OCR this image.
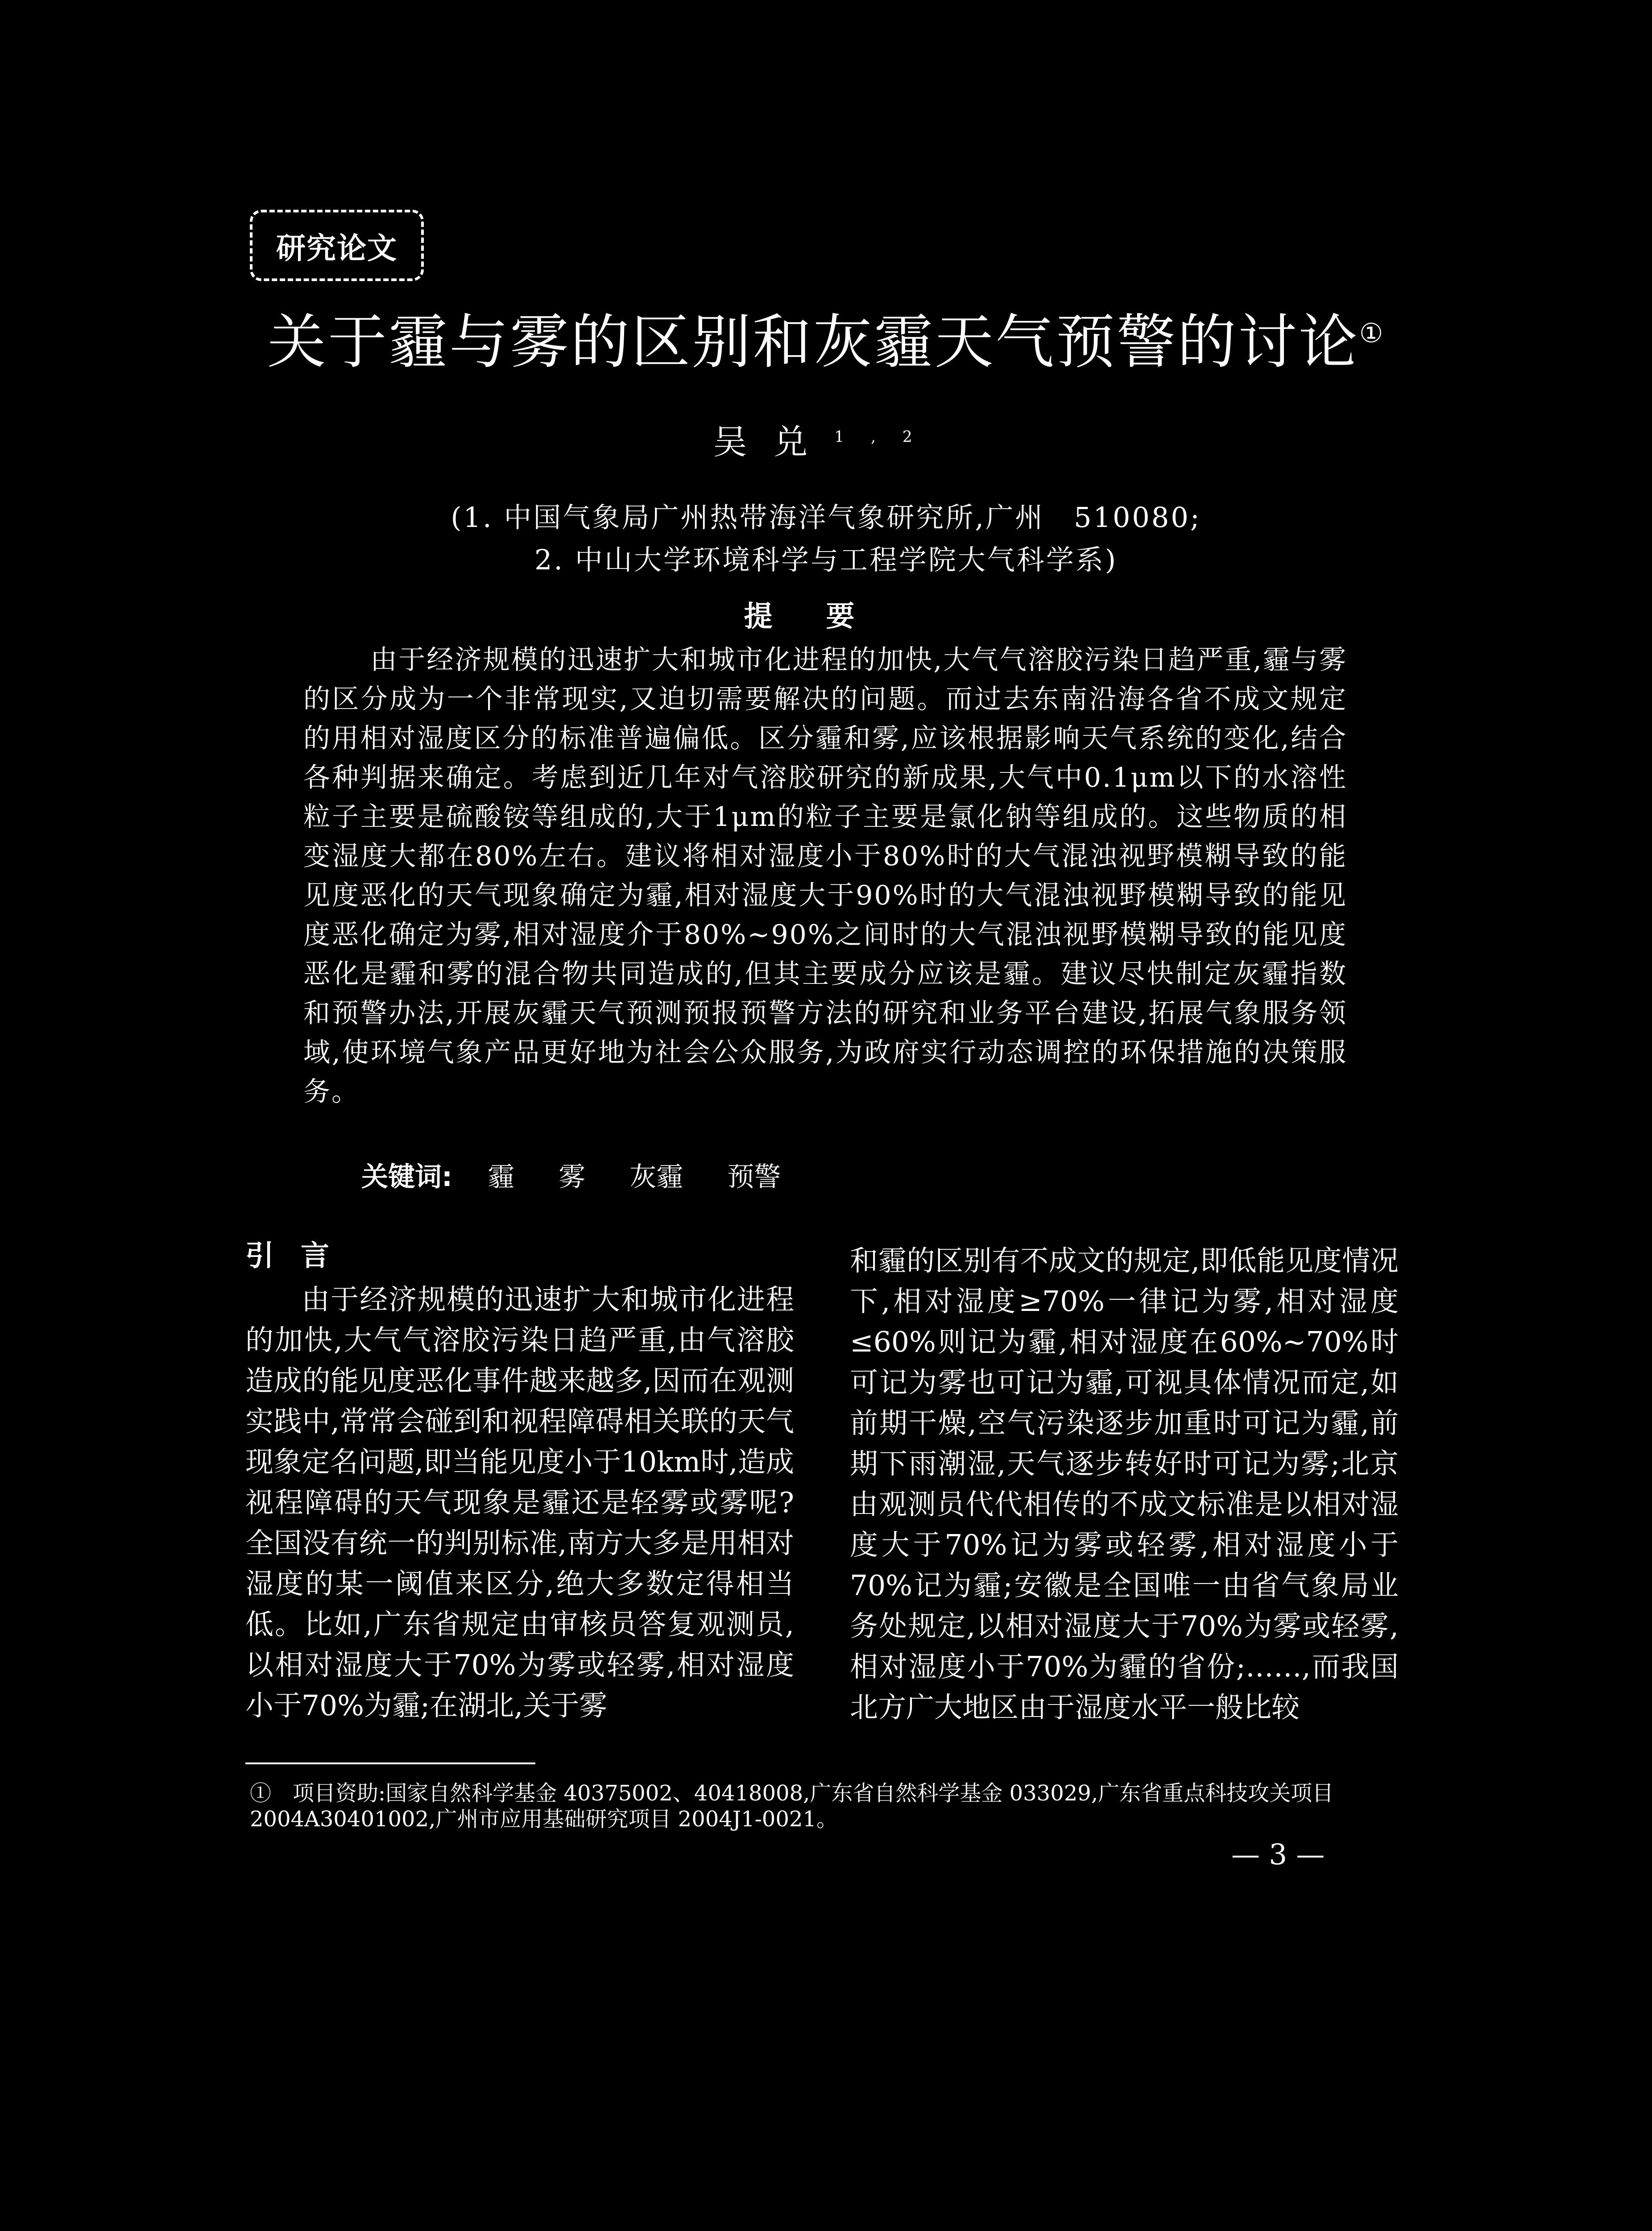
研究论文
关于霾与雾的区别和灰霾天气预警的讨论①
吴兑$^{1,2}$
(1. 中国气象局广州热带海洋气象研究所,广州　510080;
2. 中山大学环境科学与工程学院大气科学系)
提要
由于经济规模的迅速扩大和城市化进程的加快,大气气溶胶污染日趋严重,霾与雾的区分成为一个非常现实,又迫切需要解决的问题。而过去东南沿海各省不成文规定的用相对湿度区分的标准普遍偏低。区分霾和雾,应该根据影响天气系统的变化,结合各种判据来确定。考虑到近几年对气溶胶研究的新成果,大气中0.1μm以下的水溶性粒子主要是硫酸铵等组成的,大于1μm的粒子主要是氯化钠等组成的。这些物质的相变湿度大都在80%左右。建议将相对湿度小于80%时的大气混浊视野模糊导致的能见度恶化的天气现象确定为霾,相对湿度大于90%时的大气混浊视野模糊导致的能见度恶化确定为雾,相对湿度介于80%~90%之间时的大气混浊视野模糊导致的能见度恶化是霾和雾的混合物共同造成的,但其主要成分应该是霾。建议尽快制定灰霾指数和预警办法,开展灰霾天气预测预报预警方法的研究和业务平台建设,拓展气象服务领域,使环境气象产品更好地为社会公众服务,为政府实行动态调控的环保措施的决策服务。
关键词: 霾 雾 灰霾 预警
引言
由于经济规模的迅速扩大和城市化进程的加快,大气气溶胶污染日趋严重,由气溶胶造成的能见度恶化事件越来越多,因而在观测实践中,常常会碰到和视程障碍相关联的天气现象定名问题,即当能见度小于10km时,造成视程障碍的天气现象是霾还是轻雾或雾呢?全国没有统一的判别标准,南方大多是用相对湿度的某一阈值来区分,绝大多数定得相当低。比如,广东省规定由审核员答复观测员,以相对湿度大于70%为雾或轻雾,相对湿度小于70%为霾;在湖北,关于雾
和霾的区别有不成文的规定,即低能见度情况下,相对湿度≥70%一律记为雾,相对湿度≤60%则记为霾,相对湿度在60%~70%时可记为雾也可记为霾,可视具体情况而定,如前期干燥,空气污染逐步加重时可记为霾,前期下雨潮湿,天气逐步转好时可记为雾;北京由观测员代代相传的不成文标准是以相对湿度大于70%记为雾或轻雾,相对湿度小于70%记为霾;安徽是全国唯一由省气象局业务处规定,以相对湿度大于70%为雾或轻雾,相对湿度小于70%为霾的省份;……,而我国北方广大地区由于湿度水平一般比较
①　 项目资助:国家自然科学基金 40375002、40418008,广东省自然科学基金 033029,广东省重点科技攻关项目2004A30401002,广州市应用基础研究项目 2004J1-0021。
— 3 —
